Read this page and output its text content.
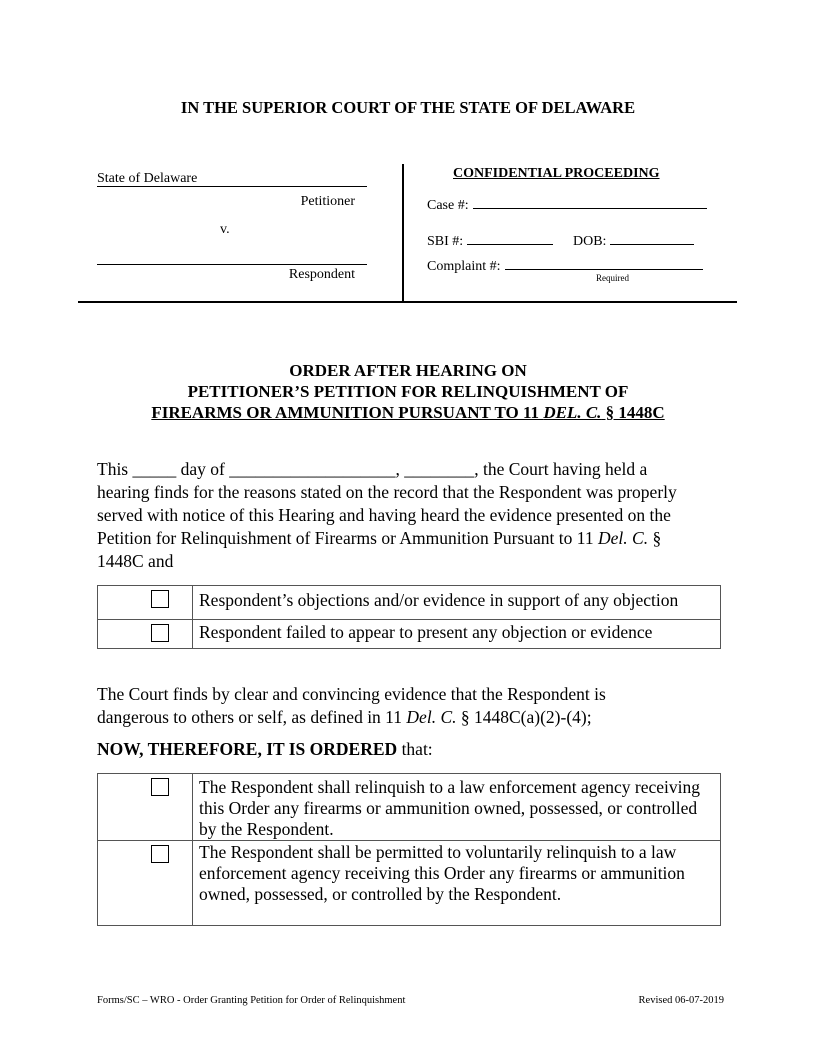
IN THE SUPERIOR COURT OF THE STATE OF DELAWARE
State of Delaware
Petitioner
v.
Respondent
CONFIDENTIAL PROCEEDING
Case #:
SBI #:	DOB:
Complaint #:
Required
ORDER AFTER HEARING ON
PETITIONER’S PETITION FOR RELINQUISHMENT OF
FIREARMS OR AMMUNITION PURSUANT TO 11 DEL. C. § 1448C
This _____ day of ___________________, ________, the Court having held a
hearing finds for the reasons stated on the record that the Respondent was properly
served with notice of this Hearing and having heard the evidence presented on the
Petition for Relinquishment of Firearms or Ammunition Pursuant to 11 Del. C. §
1448C and
	Respondent’s objections and/or evidence in support of any objection
	Respondent failed to appear to present any objection or evidence
The Court finds by clear and convincing evidence that the Respondent is
dangerous to others or self, as defined in 11 Del. C. § 1448C(a)(2)-(4);
NOW, THEREFORE, IT IS ORDERED that:
	The Respondent shall relinquish to a law enforcement agency receiving this Order any firearms or ammunition owned, possessed, or controlled by the Respondent.
	The Respondent shall be permitted to voluntarily relinquish to a law enforcement agency receiving this Order any firearms or ammunition owned, possessed, or controlled by the Respondent.
Forms/SC – WRO - Order Granting Petition for Order of Relinquishment	Revised 06-07-2019
